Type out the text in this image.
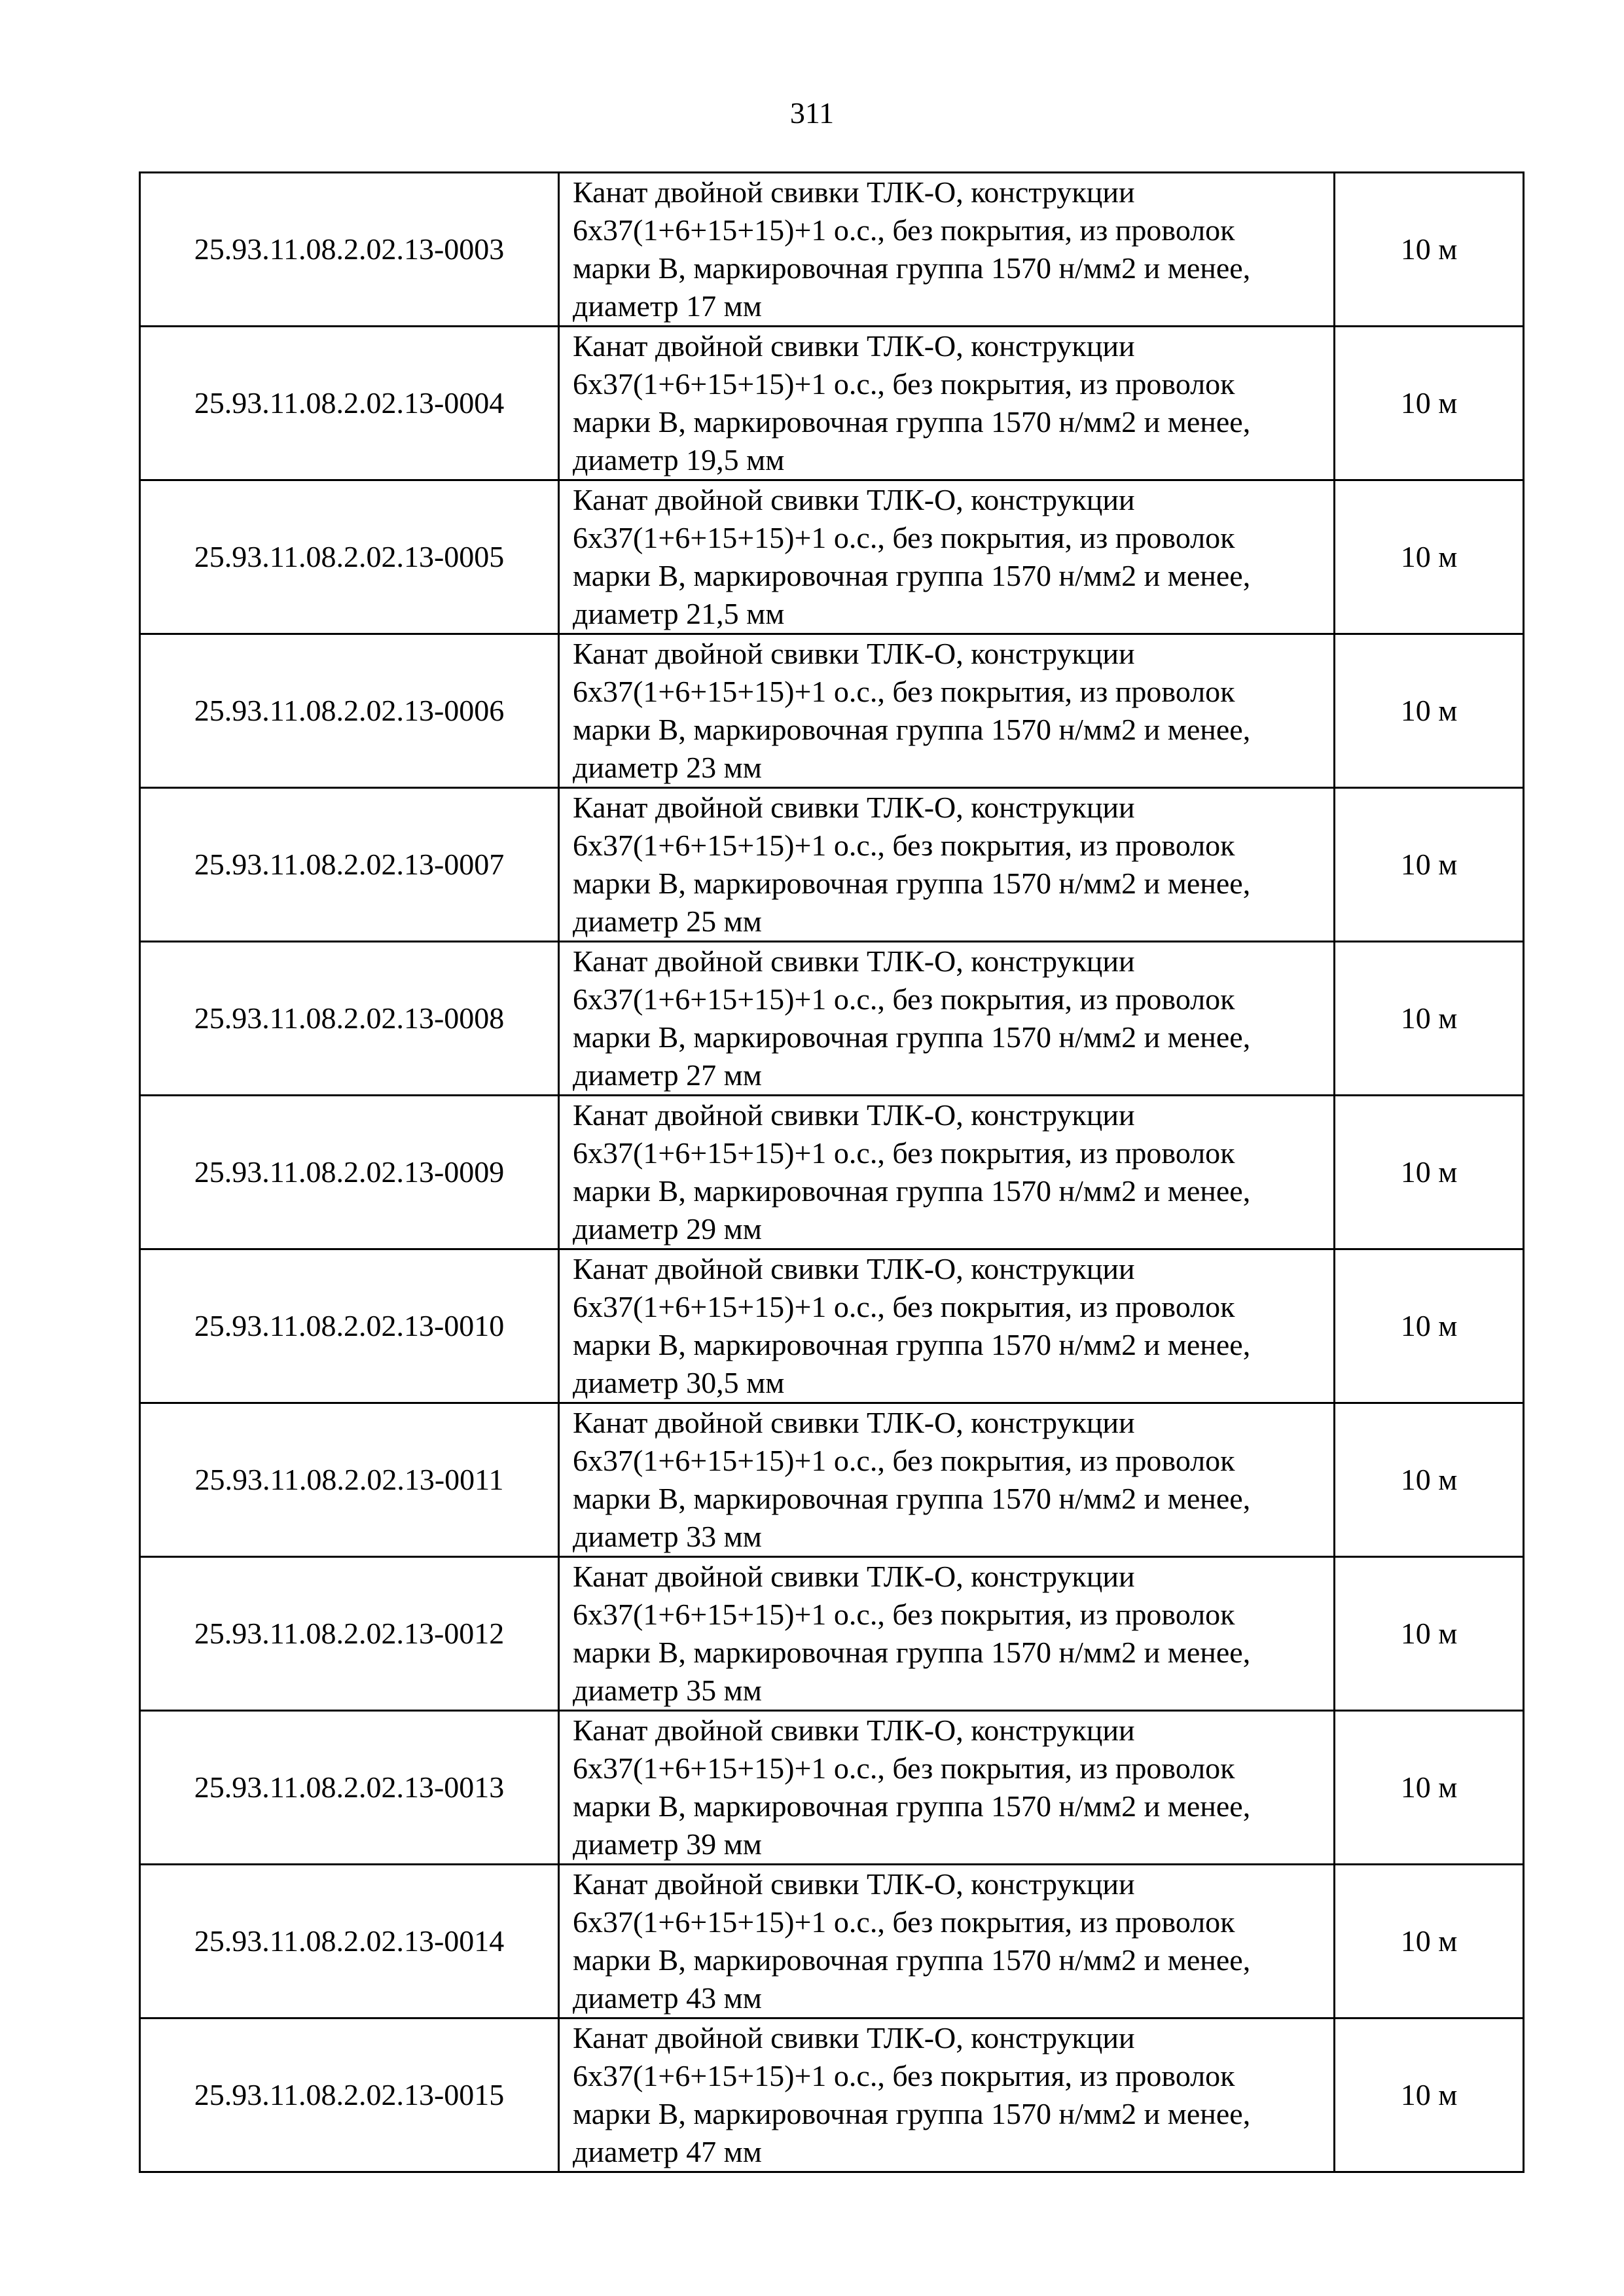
311
25.93.11.08.2.02.13-0003	Канат двойной свивки ТЛК-О, конструкции
6х37(1+6+15+15)+1 о.с., без покрытия, из проволок
марки В, маркировочная группа 1570 н/мм2 и менее,
диаметр 17 мм	10 м
25.93.11.08.2.02.13-0004	Канат двойной свивки ТЛК-О, конструкции
6х37(1+6+15+15)+1 о.с., без покрытия, из проволок
марки В, маркировочная группа 1570 н/мм2 и менее,
диаметр 19,5 мм	10 м
25.93.11.08.2.02.13-0005	Канат двойной свивки ТЛК-О, конструкции
6х37(1+6+15+15)+1 о.с., без покрытия, из проволок
марки В, маркировочная группа 1570 н/мм2 и менее,
диаметр 21,5 мм	10 м
25.93.11.08.2.02.13-0006	Канат двойной свивки ТЛК-О, конструкции
6х37(1+6+15+15)+1 о.с., без покрытия, из проволок
марки В, маркировочная группа 1570 н/мм2 и менее,
диаметр 23 мм	10 м
25.93.11.08.2.02.13-0007	Канат двойной свивки ТЛК-О, конструкции
6х37(1+6+15+15)+1 о.с., без покрытия, из проволок
марки В, маркировочная группа 1570 н/мм2 и менее,
диаметр 25 мм	10 м
25.93.11.08.2.02.13-0008	Канат двойной свивки ТЛК-О, конструкции
6х37(1+6+15+15)+1 о.с., без покрытия, из проволок
марки В, маркировочная группа 1570 н/мм2 и менее,
диаметр 27 мм	10 м
25.93.11.08.2.02.13-0009	Канат двойной свивки ТЛК-О, конструкции
6х37(1+6+15+15)+1 о.с., без покрытия, из проволок
марки В, маркировочная группа 1570 н/мм2 и менее,
диаметр 29 мм	10 м
25.93.11.08.2.02.13-0010	Канат двойной свивки ТЛК-О, конструкции
6х37(1+6+15+15)+1 о.с., без покрытия, из проволок
марки В, маркировочная группа 1570 н/мм2 и менее,
диаметр 30,5 мм	10 м
25.93.11.08.2.02.13-0011	Канат двойной свивки ТЛК-О, конструкции
6х37(1+6+15+15)+1 о.с., без покрытия, из проволок
марки В, маркировочная группа 1570 н/мм2 и менее,
диаметр 33 мм	10 м
25.93.11.08.2.02.13-0012	Канат двойной свивки ТЛК-О, конструкции
6х37(1+6+15+15)+1 о.с., без покрытия, из проволок
марки В, маркировочная группа 1570 н/мм2 и менее,
диаметр 35 мм	10 м
25.93.11.08.2.02.13-0013	Канат двойной свивки ТЛК-О, конструкции
6х37(1+6+15+15)+1 о.с., без покрытия, из проволок
марки В, маркировочная группа 1570 н/мм2 и менее,
диаметр 39 мм	10 м
25.93.11.08.2.02.13-0014	Канат двойной свивки ТЛК-О, конструкции
6х37(1+6+15+15)+1 о.с., без покрытия, из проволок
марки В, маркировочная группа 1570 н/мм2 и менее,
диаметр 43 мм	10 м
25.93.11.08.2.02.13-0015	Канат двойной свивки ТЛК-О, конструкции
6х37(1+6+15+15)+1 о.с., без покрытия, из проволок
марки В, маркировочная группа 1570 н/мм2 и менее,
диаметр 47 мм	10 м
